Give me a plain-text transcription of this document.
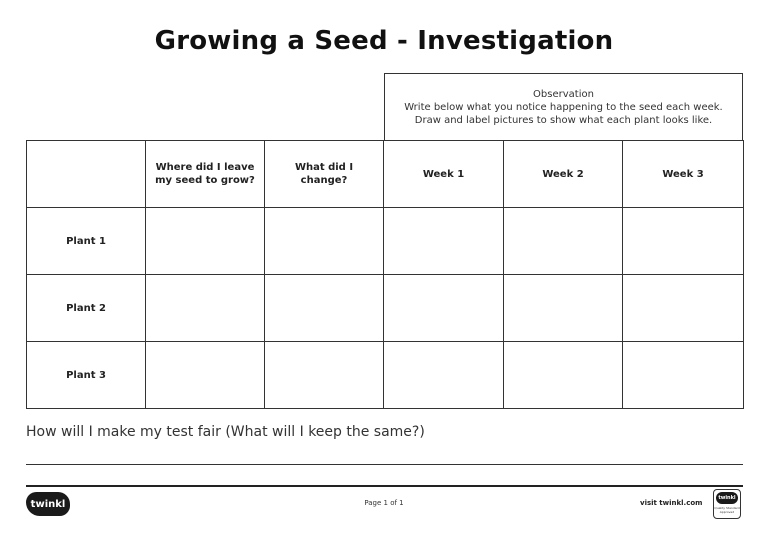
Growing a Seed - Investigation
Observation
Write below what you notice happening to the seed each week.
Draw and label pictures to show what each plant looks like.
	Where did I leave my seed to grow?	What did I change?	Week 1	Week 2	Week 3
Plant 1					
Plant 2					
Plant 3					
How will I make my test fair (What will I keep the same?)
twinkl	Page 1 of 1	visit twinkl.com
twinkl
Quality Standard Approved
